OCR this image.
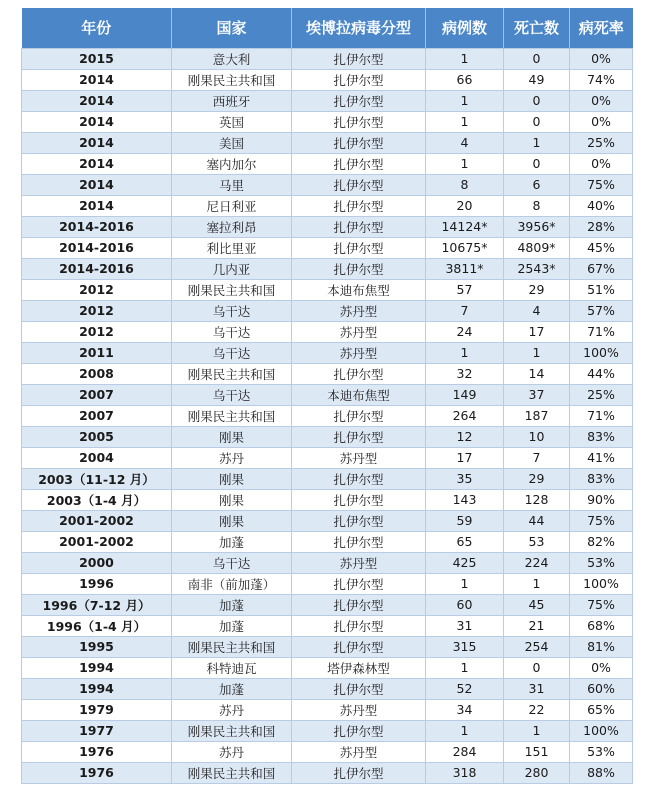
年份	国家	埃博拉病毒分型	病例数	死亡数	病死率
2015	意大利	扎伊尔型	1	0	0%
2014	刚果民主共和国	扎伊尔型	66	49	74%
2014	西班牙	扎伊尔型	1	0	0%
2014	英国	扎伊尔型	1	0	0%
2014	美国	扎伊尔型	4	1	25%
2014	塞内加尔	扎伊尔型	1	0	0%
2014	马里	扎伊尔型	8	6	75%
2014	尼日利亚	扎伊尔型	20	8	40%
2014-2016	塞拉利昂	扎伊尔型	14124*	3956*	28%
2014-2016	利比里亚	扎伊尔型	10675*	4809*	45%
2014-2016	几内亚	扎伊尔型	3811*	2543*	67%
2012	刚果民主共和国	本迪布焦型	57	29	51%
2012	乌干达	苏丹型	7	4	57%
2012	乌干达	苏丹型	24	17	71%
2011	乌干达	苏丹型	1	1	100%
2008	刚果民主共和国	扎伊尔型	32	14	44%
2007	乌干达	本迪布焦型	149	37	25%
2007	刚果民主共和国	扎伊尔型	264	187	71%
2005	刚果	扎伊尔型	12	10	83%
2004	苏丹	苏丹型	17	7	41%
2003（11-12 月）	刚果	扎伊尔型	35	29	83%
2003（1-4 月）	刚果	扎伊尔型	143	128	90%
2001-2002	刚果	扎伊尔型	59	44	75%
2001-2002	加蓬	扎伊尔型	65	53	82%
2000	乌干达	苏丹型	425	224	53%
1996	南非（前加蓬）	扎伊尔型	1	1	100%
1996（7-12 月）	加蓬	扎伊尔型	60	45	75%
1996（1-4 月）	加蓬	扎伊尔型	31	21	68%
1995	刚果民主共和国	扎伊尔型	315	254	81%
1994	科特迪瓦	塔伊森林型	1	0	0%
1994	加蓬	扎伊尔型	52	31	60%
1979	苏丹	苏丹型	34	22	65%
1977	刚果民主共和国	扎伊尔型	1	1	100%
1976	苏丹	苏丹型	284	151	53%
1976	刚果民主共和国	扎伊尔型	318	280	88%
